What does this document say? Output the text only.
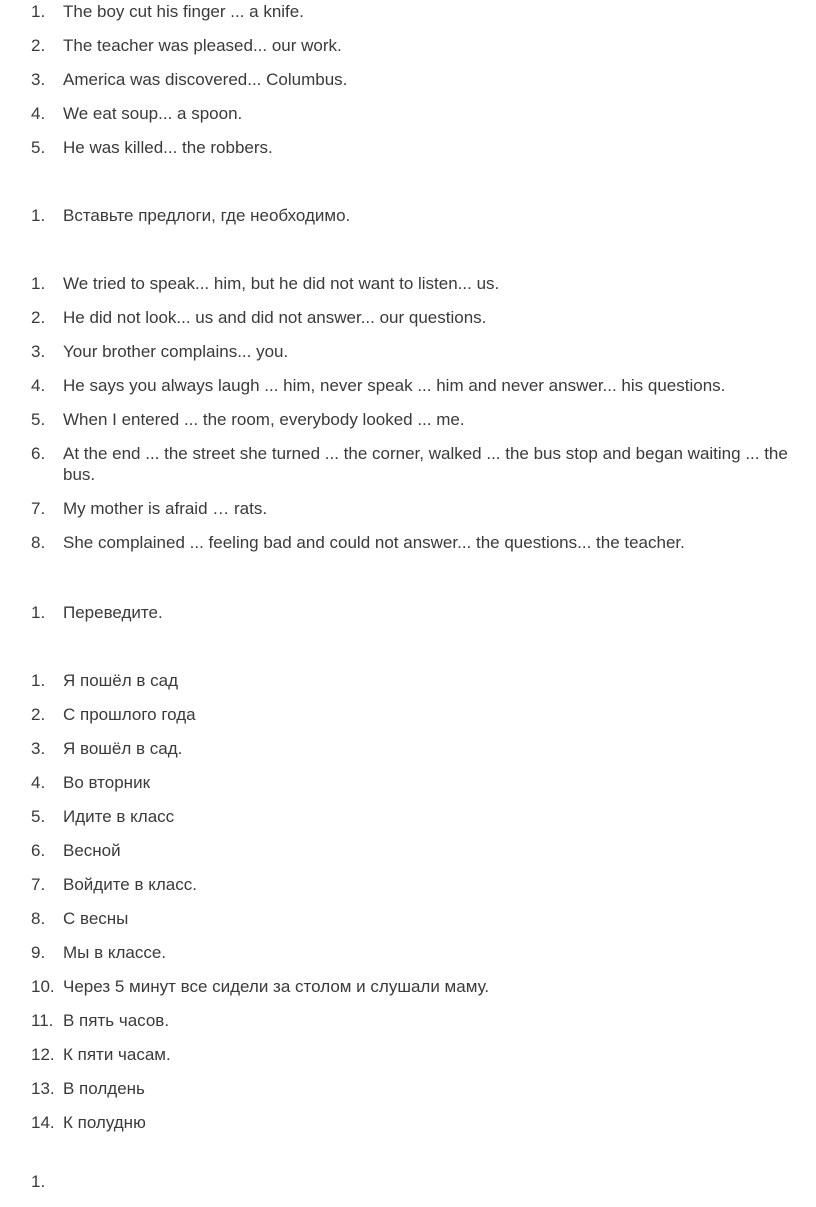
1. The boy cut his finger ... a knife.
2. The teacher was pleased... our work.
3. America was discovered... Columbus.
4. We eat soup... a spoon.
5. He was killed... the robbers.
1. Вставьте предлоги, где необходимо.
1. We tried to speak... him, but he did not want to listen... us.
2. He did not look... us and did not answer... our questions.
3. Your brother complains... you.
4. He says you always laugh ... him, never speak ... him and never answer... his questions.
5. When I entered ... the room, everybody looked ... me.
6. At the end ... the street she turned ... the corner, walked ... the bus stop and began waiting ... the bus.
7. My mother is afraid … rats.
8. She complained ... feeling bad and could not answer... the questions... the teacher.
1. Переведите.
1. Я пошёл в сад
2. С прошлого года
3. Я вошёл в сад.
4. Во вторник
5. Идите в класс
6. Весной
7. Войдите в класс.
8. С весны
9. Мы в классе.
10. Через 5 минут все сидели за столом и слушали маму.
11. В пять часов.
12. К пяти часам.
13. В полдень
14. К полудню
1.
